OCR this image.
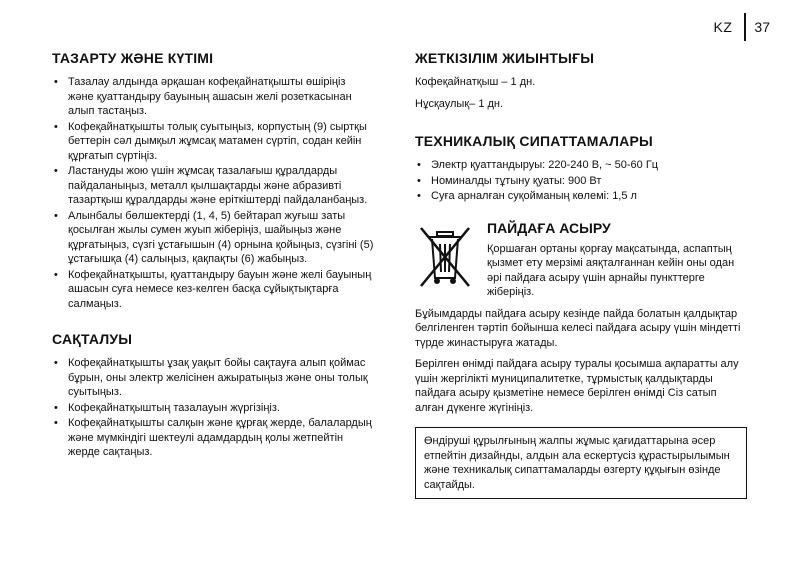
KZ 37
ТАЗАРТУ ЖӘНЕ КҮТІМІ
• Тазалау алдында әрқашан кофеқайнатқышты өшіріңіз және қуаттандыру бауының ашасын желі розеткасынан алып тастаңыз.
• Кофеқайнатқышты толық суытыңыз, корпустың (9) сыртқы беттерін сәл дымқыл жұмсақ матамен сүртіп, содан кейін құрғатып сүртіңіз.
• Ластануды жою үшін жұмсақ тазалағыш құралдарды пайдаланыңыз, металл қылшақтарды және абразивті тазартқыш құралдарды және еріткіштерді пайдаланбаңыз.
• Алынбалы бөлшектерді (1, 4, 5) бейтарап жуғыш заты қосылған жылы сумен жуып жіберіңіз, шайыңыз және құрғатыңыз, сүзгі ұстағышын (4) орнына қойыңыз, сүзгіні (5) ұстағышқа (4) салыңыз, қақпақты (6) жабыңыз.
• Кофеқайнатқышты, қуаттандыру бауын және желі бауының ашасын суға немесе кез-келген басқа сұйықтықтарға салмаңыз.
САҚТАЛУЫ
• Кофеқайнатқышты ұзақ уақыт бойы сақтауға алып қоймас бұрын, оны электр желісінен ажыратыңыз және оны толық суытыңыз.
• Кофеқайнатқыштың тазалауын жүргізіңіз.
• Кофеқайнатқышты салқын және құрғақ жерде, балалардың және мүмкіндігі шектеулі адамдардың қолы жетпейтін жерде сақтаңыз.
ЖЕТКІЗІЛІМ ЖИЫНТЫҒЫ

Кофеқайнатқыш – 1 дн.

Нұсқаулық– 1 дн.

ТЕХНИКАЛЫҚ СИПАТТАМАЛАРЫ
• Электр қуаттандыруы: 220-240 В, ~ 50-60 Гц
• Номиналды тұтыну қуаты: 900 Вт
• Суға арналған суқойманың көлемі: 1,5 л
ПАЙДАҒА АСЫРУ

Қоршаған ортаны қорғау мақсатында, аспаптың қызмет ету мерзімі аяқталғаннан кейін оны одан әрі пайдаға асыру үшін арнайы пункттерге жіберіңіз.

Бұйымдарды пайдаға асыру кезінде пайда болатын қалдықтар белгіленген тәртіп бойынша келесі пайдаға асыру үшін міндетті түрде жинастыруға жатады.

Берілген өнімді пайдаға асыру туралы қосымша ақпаратты алу үшін жергілікті муниципалитетке, тұрмыстық қалдықтарды пайдаға асыру қызметіне немесе берілген өнімді Сіз сатып алған дүкенге жүгініңіз.

Өндіруші құрылғының жалпы жұмыс қағидаттарына әсер етпейтін дизайнды, алдын ала ескертусіз құрастырылымын және техникалық сипаттамаларды өзгерту құқығын өзінде сақтайды.
